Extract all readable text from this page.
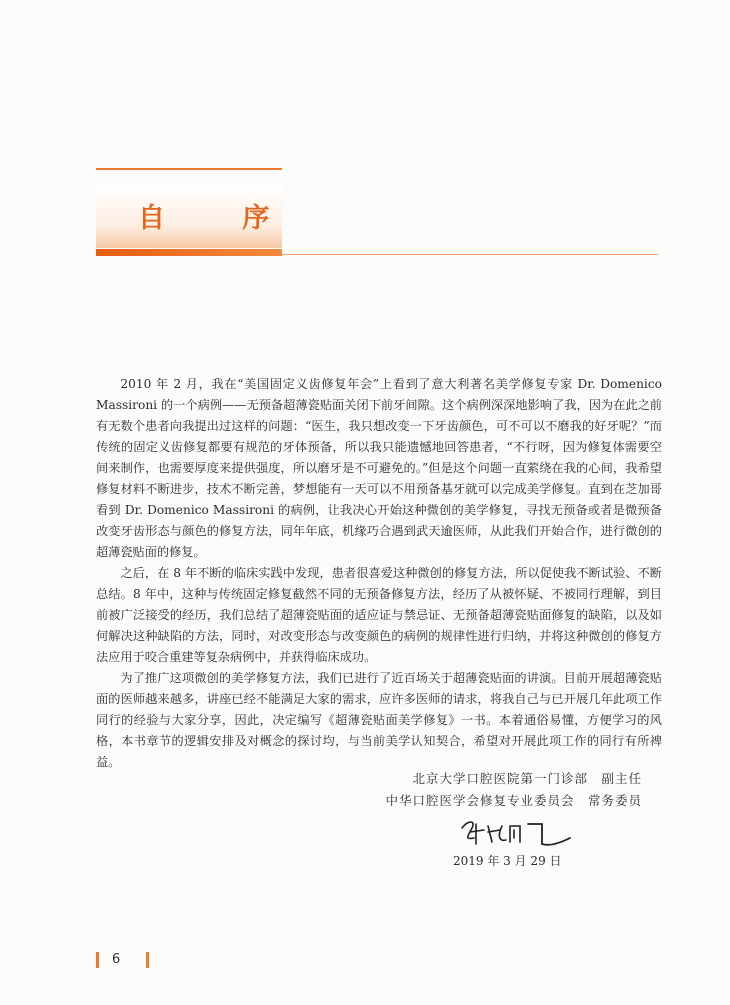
自 序

2010 年 2 月，我在“美国固定义齿修复年会”上看到了意大利著名美学修复专家 Dr. Domenico Massironi 的一个病例——无预备超薄瓷贴面关闭下前牙间隙。这个病例深深地影响了我，因为在此之前有无数个患者向我提出过这样的问题：“医生，我只想改变一下牙齿颜色，可不可以不磨我的好牙呢？”而传统的固定义齿修复都要有规范的牙体预备，所以我只能遗憾地回答患者，“不行呀，因为修复体需要空间来制作，也需要厚度来提供强度，所以磨牙是不可避免的。”但是这个问题一直萦绕在我的心间，我希望修复材料不断进步，技术不断完善，梦想能有一天可以不用预备基牙就可以完成美学修复。直到在芝加哥看到 Dr. Domenico Massironi 的病例，让我决心开始这种微创的美学修复，寻找无预备或者是微预备改变牙齿形态与颜色的修复方法，同年年底，机缘巧合遇到武天逾医师，从此我们开始合作，进行微创的超薄瓷贴面的修复。

之后，在 8 年不断的临床实践中发现，患者很喜爱这种微创的修复方法，所以促使我不断试验、不断总结。8 年中，这种与传统固定修复截然不同的无预备修复方法，经历了从被怀疑、不被同行理解，到目前被广泛接受的经历，我们总结了超薄瓷贴面的适应证与禁忌证、无预备超薄瓷贴面修复的缺陷，以及如何解决这种缺陷的方法，同时，对改变形态与改变颜色的病例的规律性进行归纳，并将这种微创的修复方法应用于咬合重建等复杂病例中，并获得临床成功。

为了推广这项微创的美学修复方法，我们已进行了近百场关于超薄瓷贴面的讲演。目前开展超薄瓷贴面的医师越来越多，讲座已经不能满足大家的需求，应许多医师的请求，将我自己与已开展几年此项工作同行的经验与大家分享，因此，决定编写《超薄瓷贴面美学修复》一书。本着通俗易懂，方便学习的风格，本书章节的逻辑安排及对概念的探讨均，与当前美学认知契合，希望对开展此项工作的同行有所裨益。

北京大学口腔医院第一门诊部　副主任
中华口腔医学会修复专业委员会　常务委员
2019 年 3 月 29 日
6
